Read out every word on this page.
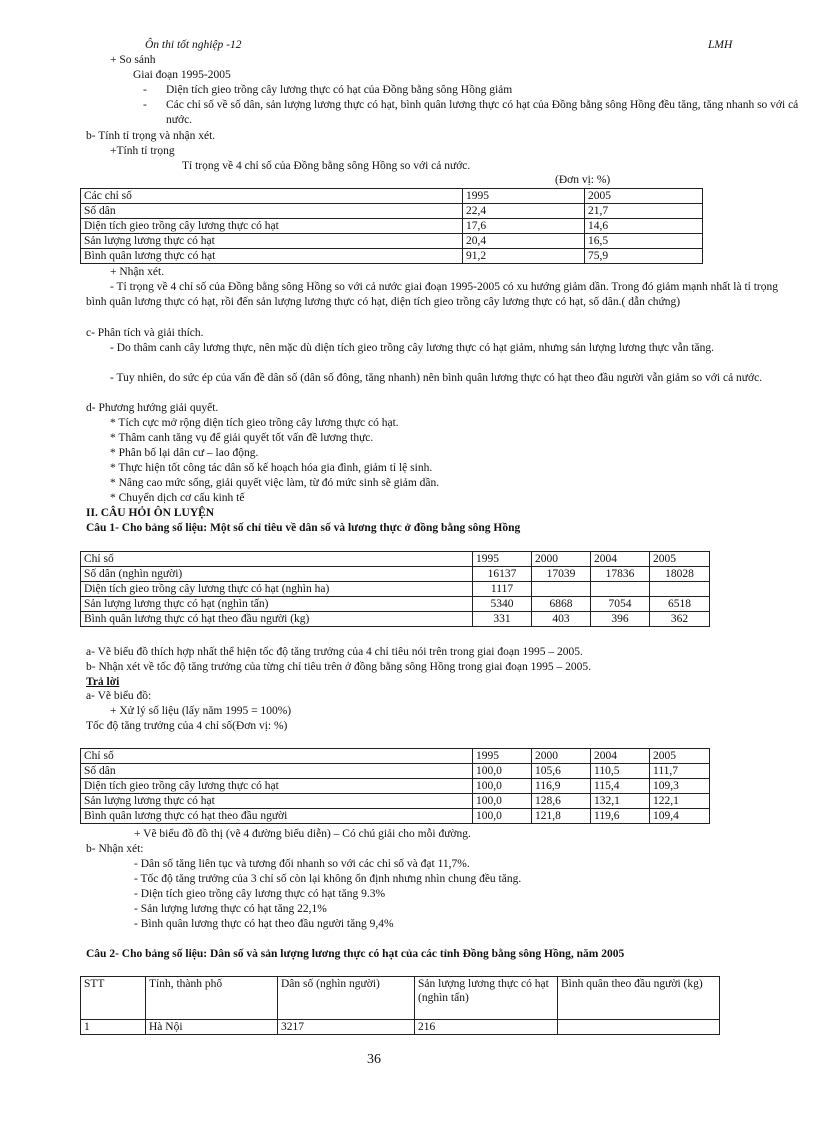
Ôn thi tốt nghiệp -12	LMH
+ So sánh
Giai đoạn 1995-2005
- Diện tích gieo trồng cây lương thực có hạt của Đồng bằng sông Hồng giảm
- Các chỉ số về số dân, sản lượng lương thực có hạt, bình quân lương thực có hạt của Đồng bằng sông Hồng đều tăng, tăng nhanh so với cả nước.
b- Tính tỉ trọng và nhận xét.
+Tính tỉ trọng
Tỉ trọng về 4 chỉ số của Đồng bằng sông Hồng so với cả nước.
(Đơn vị: %)
Các chỉ số	1995	2005
Số dân	22,4	21,7
Diện tích gieo trồng cây lương thực có hạt	17,6	14,6
Sản lượng lương thực có hạt	20,4	16,5
Bình quân lương thực có hạt	91,2	75,9
+ Nhận xét.
- Tỉ trọng về 4 chỉ số của Đồng bằng sông Hồng so với cả nước giai đoạn 1995-2005 có xu hướng giảm dần. Trong đó giảm mạnh nhất là tỉ trọng bình quân lương thực có hạt, rồi đến sản lượng lương thực có hạt, diện tích gieo trồng cây lương thực có hạt, số dân.( dẫn chứng)
c- Phân tích và giải thích.
- Do thâm canh cây lương thực, nên mặc dù diện tích gieo trồng cây lương thực có hạt giảm, nhưng sản lượng lương thực vẫn tăng.
- Tuy nhiên, do sức ép của vấn đề dân số (dân số đông, tăng nhanh) nên bình quân lương thực có hạt theo đầu người vẫn giảm so với cả nước.
d- Phương hướng giải quyết.
* Tích cực mở rộng diện tích gieo trồng cây lương thực có hạt.
* Thâm canh tăng vụ để giải quyết tốt vấn đề lương thực.
* Phân bố lại dân cư – lao động.
* Thực hiện tốt công tác dân số kế hoạch hóa gia đình, giảm tỉ lệ sinh.
* Nâng cao mức sống, giải quyết việc làm, từ đó mức sinh sẽ giảm dần.
* Chuyển dịch cơ cấu kinh tế
II. CÂU HỎI ÔN LUYỆN
Câu 1- Cho bảng số liệu: Một số chỉ tiêu về dân số và lương thực ở đồng bằng sông Hồng
Chỉ số	1995	2000	2004	2005
Số dân (nghìn người)	16137	17039	17836	18028
Diện tích gieo trồng cây lương thực có hạt (nghìn ha)	1117			
Sản lượng lương thực có hạt (nghìn tấn)	5340	6868	7054	6518
Bình quân lương thực có hạt theo đầu người (kg)	331	403	396	362
a- Vẽ biểu đồ thích hợp nhất thể hiện tốc độ tăng trưởng của 4 chỉ tiêu nói trên trong giai đoạn 1995 – 2005.
b- Nhận xét về tốc độ tăng trưởng của từng chỉ tiêu trên ở đồng bằng sông Hồng trong giai đoạn 1995 – 2005.
Trả lời
a- Vẽ biểu đồ:
+ Xử lý số liệu (lấy năm 1995 = 100%)
Tốc độ tăng trưởng của 4 chỉ số(Đơn vị: %)
Chỉ số	1995	2000	2004	2005
Số dân	100,0	105,6	110,5	111,7
Diện tích gieo trồng cây lương thực có hạt	100,0	116,9	115,4	109,3
Sản lượng lương thực có hạt	100,0	128,6	132,1	122,1
Bình quân lương thực có hạt theo đầu người	100,0	121,8	119,6	109,4
+ Vẽ biểu đồ đồ thị (vẽ 4 đường biểu diễn) – Có chú giải cho mỗi đường.
b- Nhận xét:
- Dân số tăng liên tục và tương đối nhanh so với các chỉ số và đạt 11,7%.
- Tốc độ tăng trưởng của 3 chỉ số còn lại không ổn định nhưng nhìn chung đều tăng.
- Diện tích gieo trồng cây lương thực có hạt tăng 9.3%
- Sản lượng lương thực có hạt tăng 22,1%
- Bình quân lương thực có hạt theo đầu người tăng 9,4%
Câu 2- Cho bảng số liệu: Dân số và sản lượng lương thực có hạt của các tỉnh Đồng bằng sông Hồng, năm 2005
STT	Tỉnh, thành phố	Dân số (nghìn người)	Sản lượng lương thực có hạt (nghìn tấn)	Bình quân theo đầu người (kg)
1	Hà Nội	3217	216	
36
